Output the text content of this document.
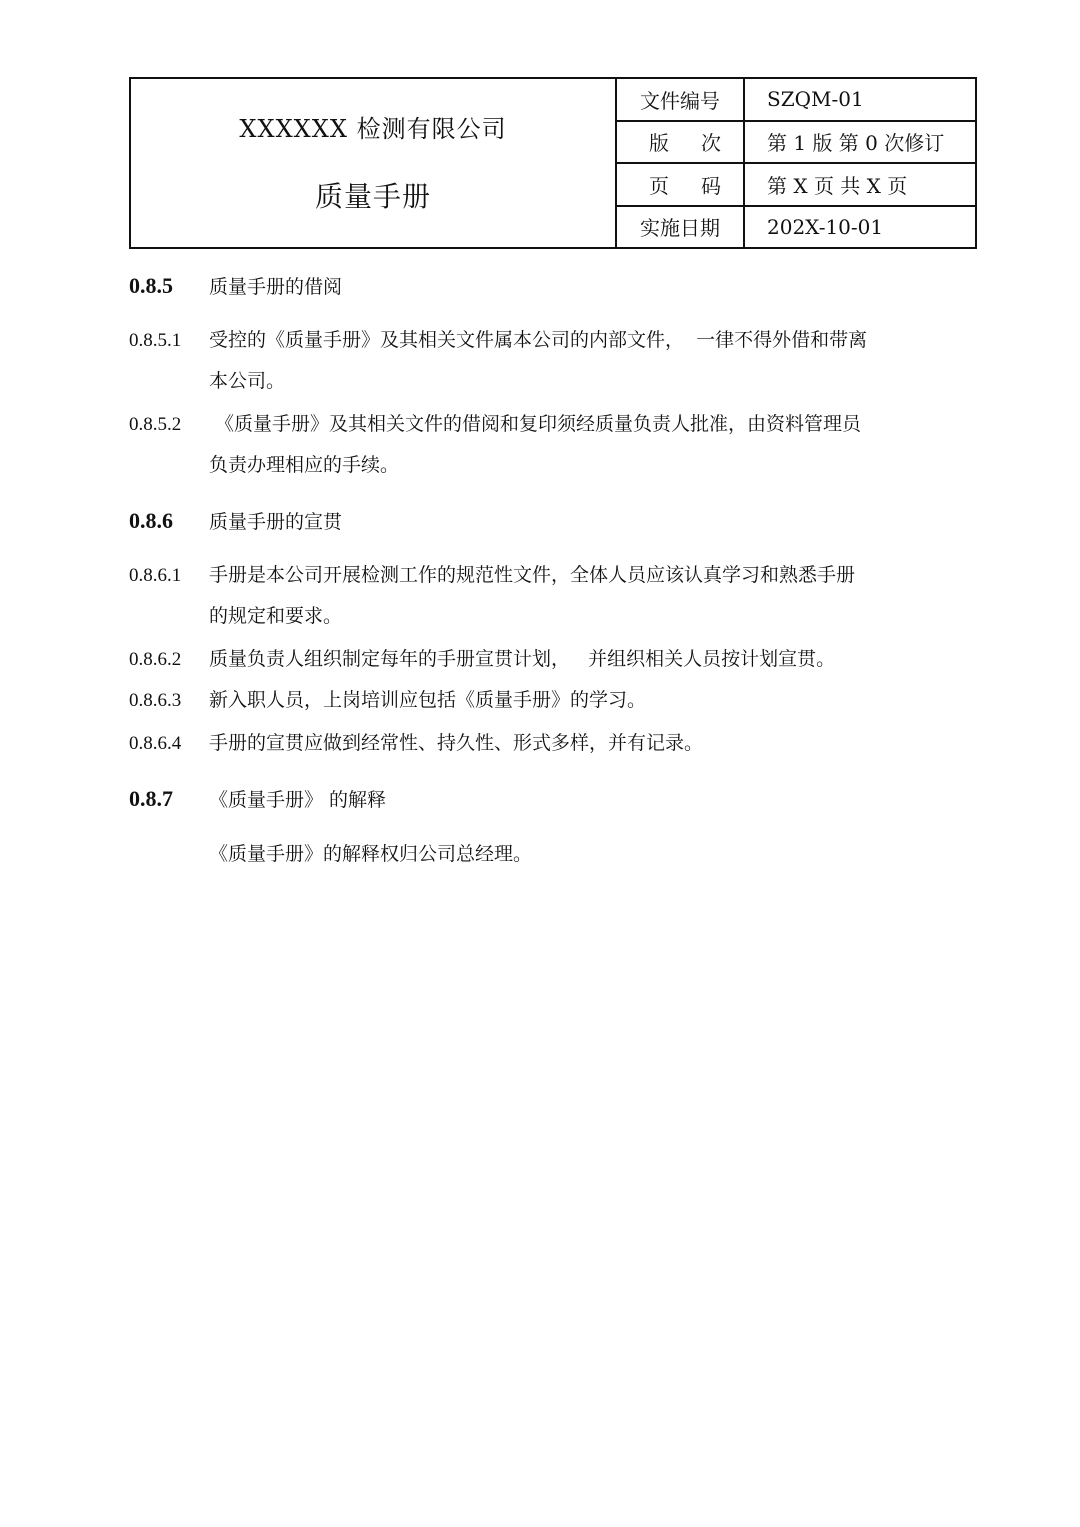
XXXXXX 检测有限公司
质量手册
文件编号	SZQM-01
版 次	第 1 版 第 0 次修订
页 码	第 X 页 共 X 页
实施日期	202X-10-01
0.8.5	质量手册的借阅
0.8.5.1	受控的《质量手册》及其相关文件属本公司的内部文件，  一律不得外借和带离
本公司。
0.8.5.2	《质量手册》及其相关文件的借阅和复印须经质量负责人批准，由资料管理员
负责办理相应的手续。
0.8.6	质量手册的宣贯
0.8.6.1	手册是本公司开展检测工作的规范性文件，全体人员应该认真学习和熟悉手册
的规定和要求。
0.8.6.2	质量负责人组织制定每年的手册宣贯计划，   并组织相关人员按计划宣贯。
0.8.6.3	新入职人员，上岗培训应包括《质量手册》的学习。
0.8.6.4	手册的宣贯应做到经常性、持久性、形式多样，并有记录。
0.8.7	《质量手册》 的解释
《质量手册》的解释权归公司总经理。
